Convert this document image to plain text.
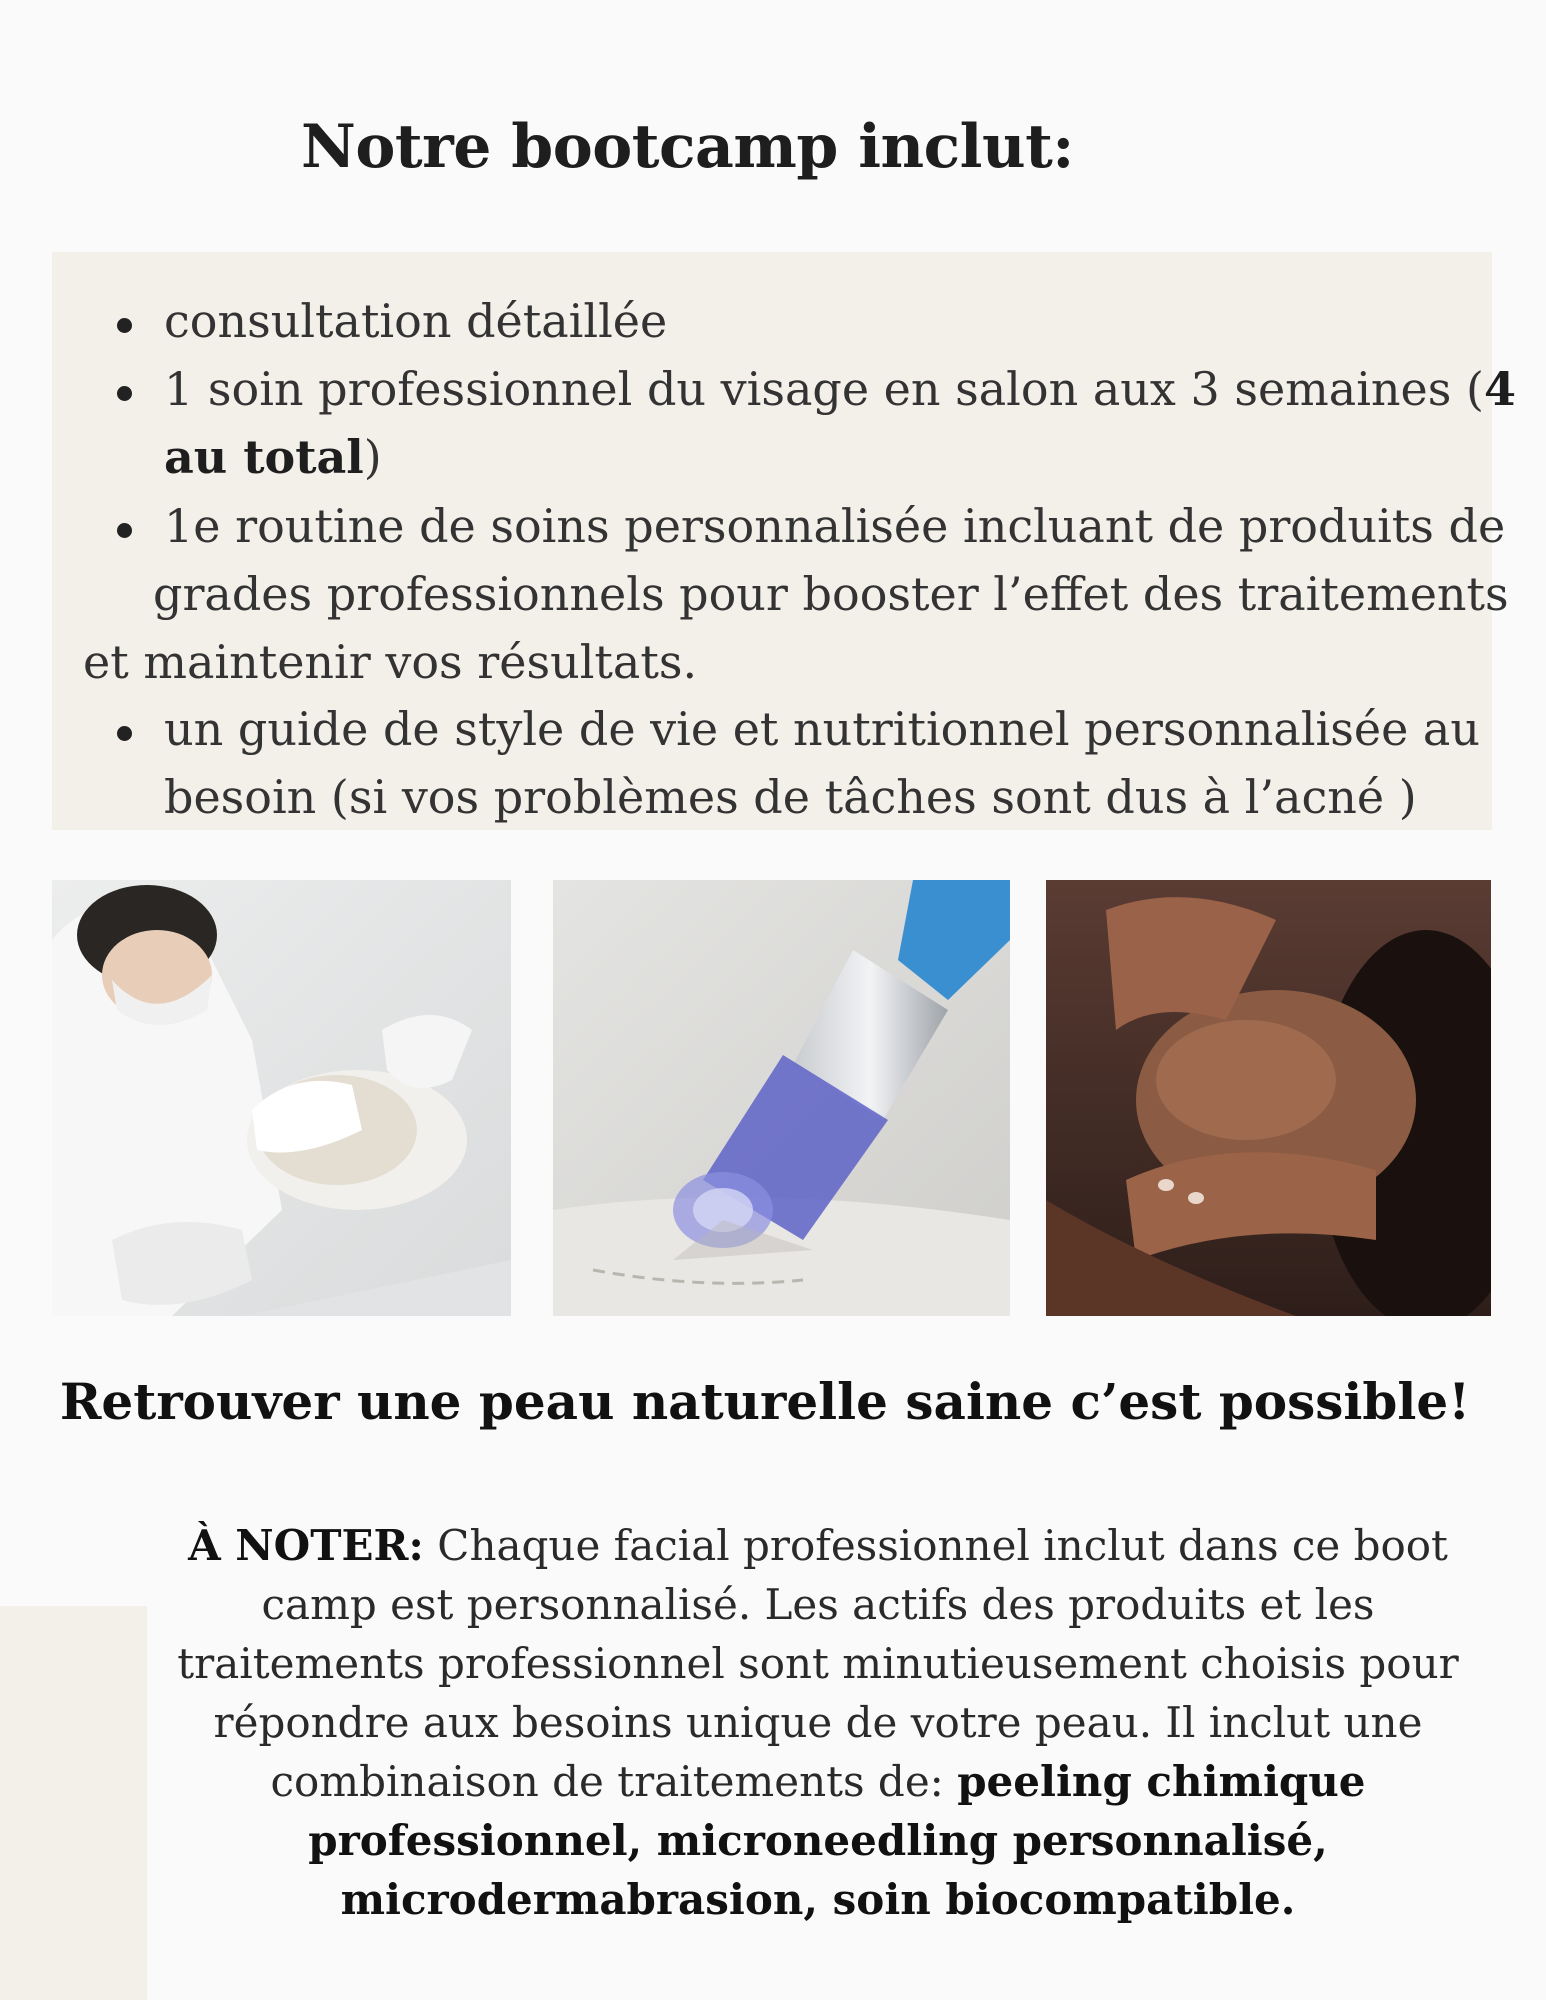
Notre bootcamp inclut:
consultation détaillée
1 soin professionnel du visage en salon aux 3 semaines (4
au total)
1e routine de soins personnalisée incluant de produits de
grades professionnels pour booster l’effet des traitements
et maintenir vos résultats.
un guide de style de vie et nutritionnel personnalisée au
besoin (si vos problèmes de tâches sont dus à l’acné )
Retrouver une peau naturelle saine c’est possible!
À NOTER: Chaque facial professionnel inclut dans ce boot camp est personnalisé. Les actifs des produits et les traitements professionnel sont minutieusement choisis pour répondre aux besoins unique de votre peau. Il inclut une combinaison de traitements de: peeling chimique professionnel, microneedling personnalisé, microdermabrasion, soin biocompatible.
